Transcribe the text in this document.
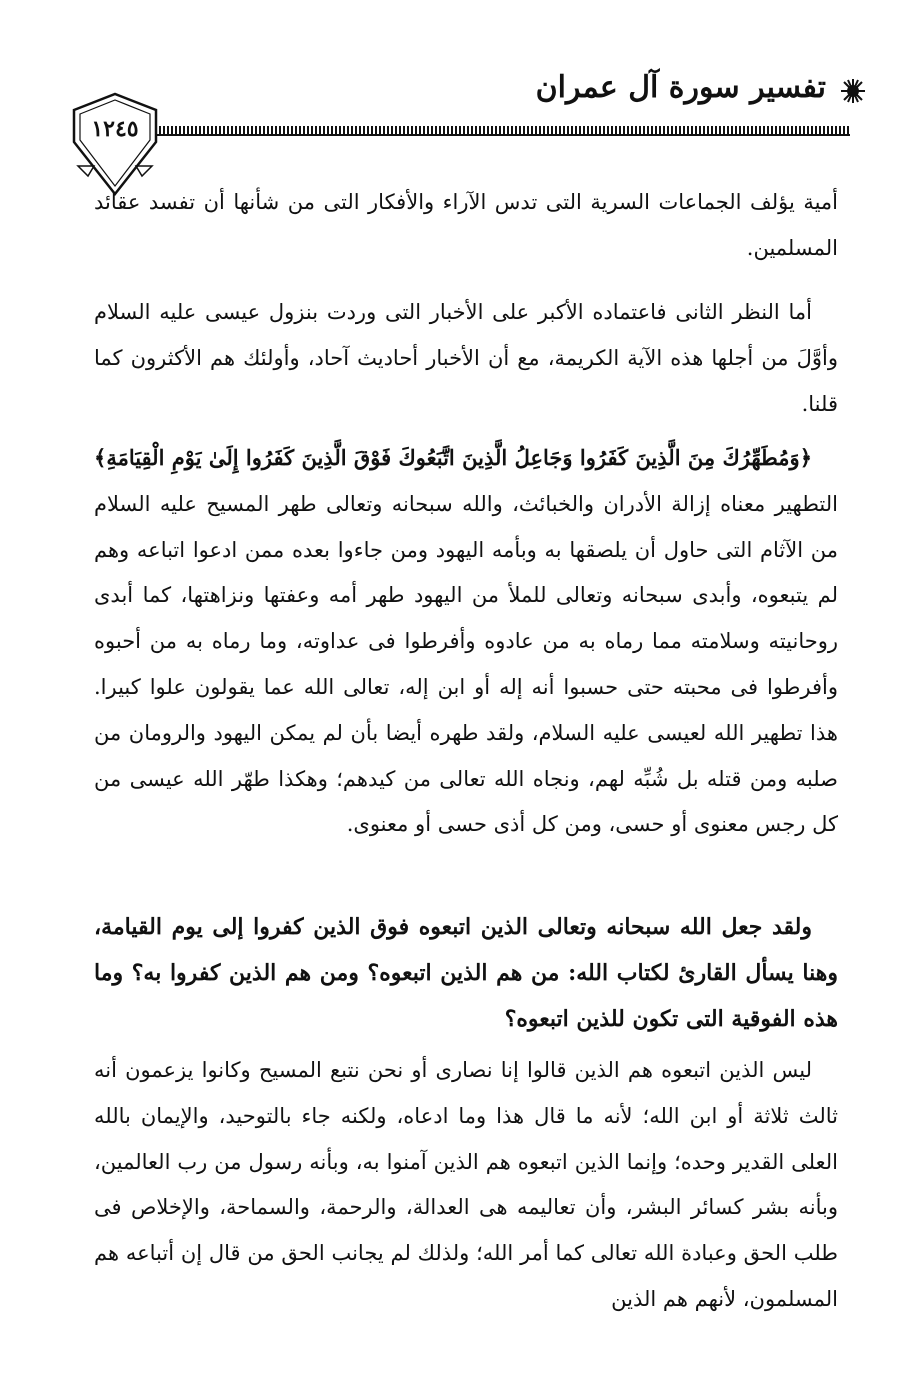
تفسير سورة آل عمران
١٢٤٥

أمية يؤلف الجماعات السرية التى تدس الآراء والأفكار التى من شأنها أن تفسد عقائد المسلمين.

أما النظر الثانى فاعتماده الأكبر على الأخبار التى وردت بنزول عيسى عليه السلام وأوَّلَ من أجلها هذه الآية الكريمة، مع أن الأخبار أحاديث آحاد، وأولئك هم الأكثرون كما قلنا.

﴿وَمُطَهِّرُكَ مِنَ الَّذِينَ كَفَرُوا وَجَاعِلُ الَّذِينَ اتَّبَعُوكَ فَوْقَ الَّذِينَ كَفَرُوا إِلَىٰ يَوْمِ الْقِيَامَةِ﴾ التطهير معناه إزالة الأدران والخبائث، والله سبحانه وتعالى طهر المسيح عليه السلام من الآثام التى حاول أن يلصقها به وبأمه اليهود ومن جاءوا بعده ممن ادعوا اتباعه وهم لم يتبعوه، وأبدى سبحانه وتعالى للملأ من اليهود طهر أمه وعفتها ونزاهتها، كما أبدى روحانيته وسلامته مما رماه به من عادوه وأفرطوا فى عداوته، وما رماه به من أحبوه وأفرطوا فى محبته حتى حسبوا أنه إله أو ابن إله، تعالى الله عما يقولون علوا كبيرا. هذا تطهير الله لعيسى عليه السلام، ولقد طهره أيضا بأن لم يمكن اليهود والرومان من صلبه ومن قتله بل شُبِّه لهم، ونجاه الله تعالى من كيدهم؛ وهكذا طهّر الله عيسى من كل رجس معنوى أو حسى، ومن كل أذى حسى أو معنوى.

ولقد جعل الله سبحانه وتعالى الذين اتبعوه فوق الذين كفروا إلى يوم القيامة، وهنا يسأل القارئ لكتاب الله: من هم الذين اتبعوه؟ ومن هم الذين كفروا به؟ وما هذه الفوقية التى تكون للذين اتبعوه؟

ليس الذين اتبعوه هم الذين قالوا إنا نصارى أو نحن نتبع المسيح وكانوا يزعمون أنه ثالث ثلاثة أو ابن الله؛ لأنه ما قال هذا وما ادعاه، ولكنه جاء بالتوحيد، والإيمان بالله العلى القدير وحده؛ وإنما الذين اتبعوه هم الذين آمنوا به، وبأنه رسول من رب العالمين، وبأنه بشر كسائر البشر، وأن تعاليمه هى العدالة، والرحمة، والسماحة، والإخلاص فى طلب الحق وعبادة الله تعالى كما أمر الله؛ ولذلك لم يجانب الحق من قال إن أتباعه هم المسلمون، لأنهم هم الذين
